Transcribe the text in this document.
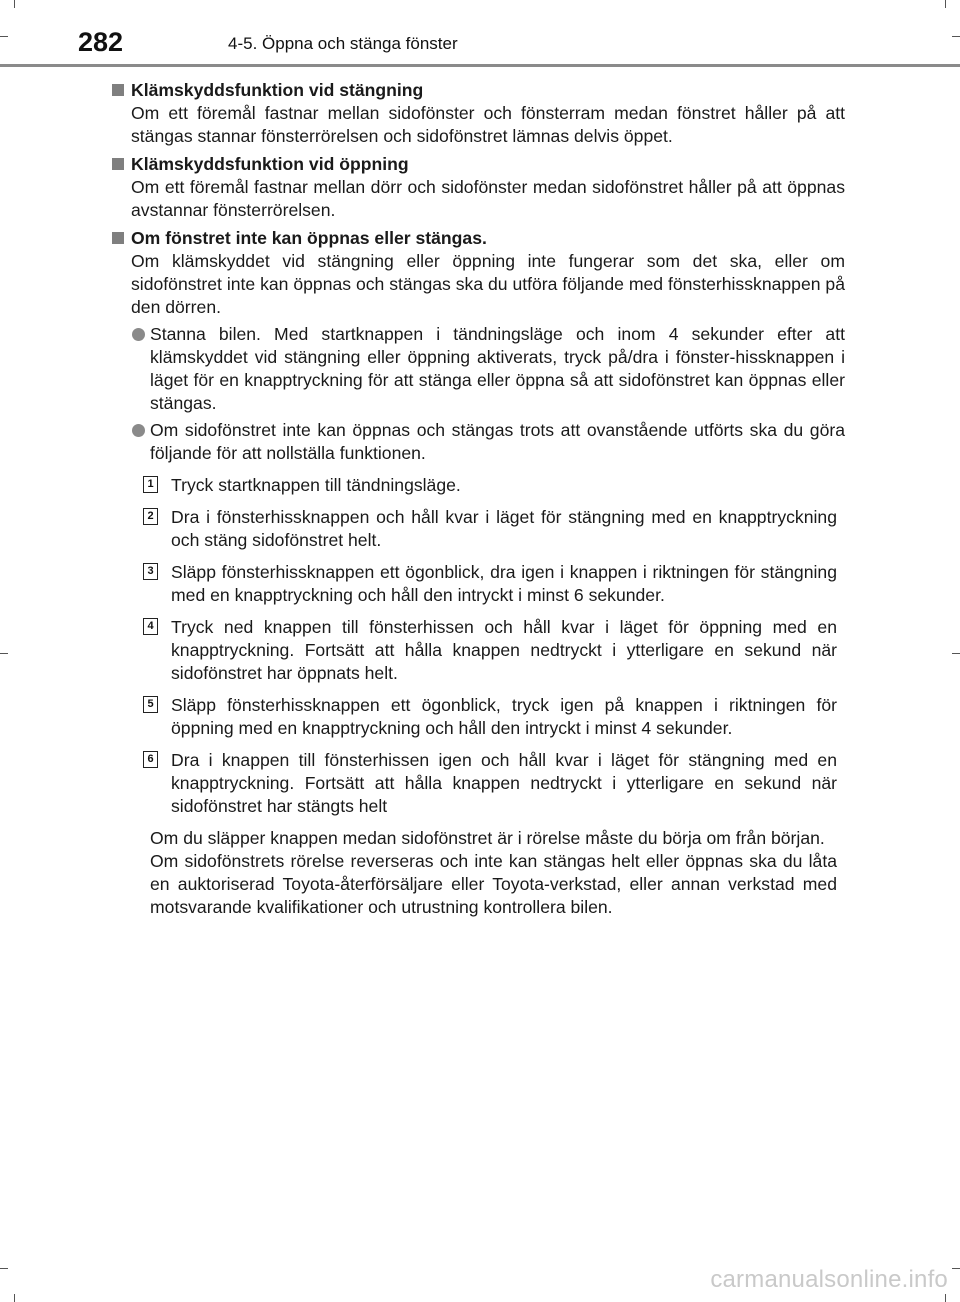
282	4-5. Öppna och stänga fönster

Klämskyddsfunktion vid stängning

Om ett föremål fastnar mellan sidofönster och fönsterram medan fönstret håller på att stängas stannar fönsterrörelsen och sidofönstret lämnas delvis öppet.

Klämskyddsfunktion vid öppning

Om ett föremål fastnar mellan dörr och sidofönster medan sidofönstret håller på att öppnas avstannar fönsterrörelsen.

Om fönstret inte kan öppnas eller stängas.

Om klämskyddet vid stängning eller öppning inte fungerar som det ska, eller om sidofönstret inte kan öppnas och stängas ska du utföra följande med fönsterhissknappen på den dörren.

Stanna bilen. Med startknappen i tändningsläge och inom 4 sekunder efter att klämskyddet vid stängning eller öppning aktiverats, tryck på/dra i fönster-hissknappen i läget för en knapptryckning för att stänga eller öppna så att sidofönstret kan öppnas eller stängas.

Om sidofönstret inte kan öppnas och stängas trots att ovanstående utförts ska du göra följande för att nollställa funktionen.

1 Tryck startknappen till tändningsläge.

2 Dra i fönsterhissknappen och håll kvar i läget för stängning med en knapptryckning och stäng sidofönstret helt.

3 Släpp fönsterhissknappen ett ögonblick, dra igen i knappen i riktningen för stängning med en knapptryckning och håll den intryckt i minst 6 sekunder.

4 Tryck ned knappen till fönsterhissen och håll kvar i läget för öppning med en knapptryckning. Fortsätt att hålla knappen nedtryckt i ytterligare en sekund när sidofönstret har öppnats helt.

5 Släpp fönsterhissknappen ett ögonblick, tryck igen på knappen i riktningen för öppning med en knapptryckning och håll den intryckt i minst 4 sekunder.

6 Dra i knappen till fönsterhissen igen och håll kvar i läget för stängning med en knapptryckning. Fortsätt att hålla knappen nedtryckt i ytterligare en sekund när sidofönstret har stängts helt

Om du släpper knappen medan sidofönstret är i rörelse måste du börja om från början.

Om sidofönstrets rörelse reverseras och inte kan stängas helt eller öppnas ska du låta en auktoriserad Toyota-återförsäljare eller Toyota-verkstad, eller annan verkstad med motsvarande kvalifikationer och utrustning kontrollera bilen.

carmanualsonline.info
